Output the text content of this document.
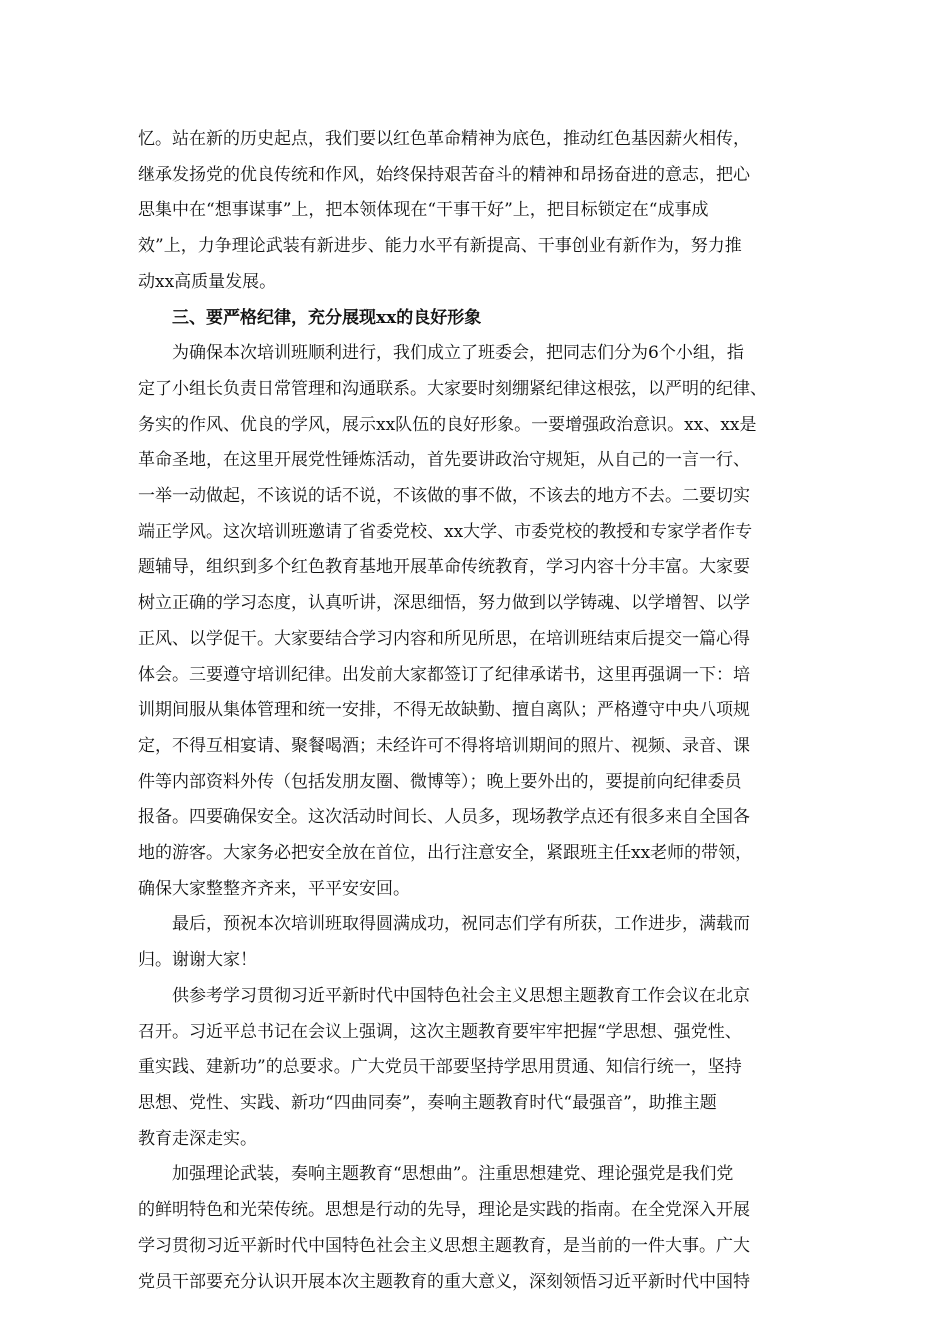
忆。站在新的历史起点，我们要以红色革命精神为底色，推动红色基因薪火相传，
继承发扬党的优良传统和作风，始终保持艰苦奋斗的精神和昂扬奋进的意志，把心
思集中在“想事谋事”上，把本领体现在“干事干好”上，把目标锁定在“成事成
效”上，力争理论武装有新进步、能力水平有新提高、干事创业有新作为，努力推
动xx高质量发展。
三、要严格纪律，充分展现xx的良好形象
为确保本次培训班顺利进行，我们成立了班委会，把同志们分为6个小组，指
定了小组长负责日常管理和沟通联系。大家要时刻绷紧纪律这根弦，以严明的纪律、
务实的作风、优良的学风，展示xx队伍的良好形象。一要增强政治意识。xx、xx是
革命圣地，在这里开展党性锤炼活动，首先要讲政治守规矩，从自己的一言一行、
一举一动做起，不该说的话不说，不该做的事不做，不该去的地方不去。二要切实
端正学风。这次培训班邀请了省委党校、xx大学、市委党校的教授和专家学者作专
题辅导，组织到多个红色教育基地开展革命传统教育，学习内容十分丰富。大家要
树立正确的学习态度，认真听讲，深思细悟，努力做到以学铸魂、以学增智、以学
正风、以学促干。大家要结合学习内容和所见所思，在培训班结束后提交一篇心得
体会。三要遵守培训纪律。出发前大家都签订了纪律承诺书，这里再强调一下：培
训期间服从集体管理和统一安排，不得无故缺勤、擅自离队；严格遵守中央八项规
定，不得互相宴请、聚餐喝酒；未经许可不得将培训期间的照片、视频、录音、课
件等内部资料外传（包括发朋友圈、微博等）；晚上要外出的，要提前向纪律委员
报备。四要确保安全。这次活动时间长、人员多，现场教学点还有很多来自全国各
地的游客。大家务必把安全放在首位，出行注意安全，紧跟班主任xx老师的带领，
确保大家整整齐齐来，平平安安回。
最后，预祝本次培训班取得圆满成功，祝同志们学有所获，工作进步，满载而
归。谢谢大家！
供参考学习贯彻习近平新时代中国特色社会主义思想主题教育工作会议在北京
召开。习近平总书记在会议上强调，这次主题教育要牢牢把握“学思想、强党性、
重实践、建新功”的总要求。广大党员干部要坚持学思用贯通、知信行统一，坚持
思想、党性、实践、新功“四曲同奏”，奏响主题教育时代“最强音”，助推主题
教育走深走实。
加强理论武装，奏响主题教育“思想曲”。注重思想建党、理论强党是我们党
的鲜明特色和光荣传统。思想是行动的先导，理论是实践的指南。在全党深入开展
学习贯彻习近平新时代中国特色社会主义思想主题教育，是当前的一件大事。广大
党员干部要充分认识开展本次主题教育的重大意义，深刻领悟习近平新时代中国特
